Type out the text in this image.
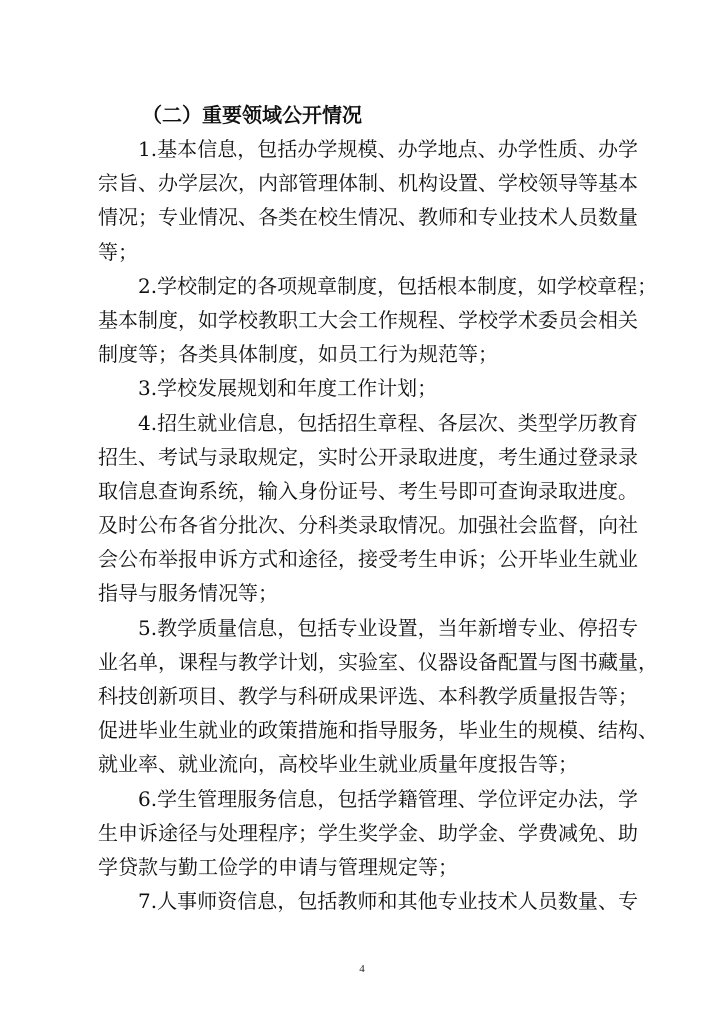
（二）重要领域公开情况

1.基本信息，包括办学规模、办学地点、办学性质、办学
宗旨、办学层次，内部管理体制、机构设置、学校领导等基本
情况；专业情况、各类在校生情况、教师和专业技术人员数量
等；
2.学校制定的各项规章制度，包括根本制度，如学校章程；
基本制度，如学校教职工大会工作规程、学校学术委员会相关
制度等；各类具体制度，如员工行为规范等；
3.学校发展规划和年度工作计划；
4.招生就业信息，包括招生章程、各层次、类型学历教育
招生、考试与录取规定，实时公开录取进度，考生通过登录录
取信息查询系统，输入身份证号、考生号即可查询录取进度。
及时公布各省分批次、分科类录取情况。加强社会监督，向社
会公布举报申诉方式和途径，接受考生申诉；公开毕业生就业
指导与服务情况等；
5.教学质量信息，包括专业设置，当年新增专业、停招专
业名单，课程与教学计划，实验室、仪器设备配置与图书藏量，
科技创新项目、教学与科研成果评选、本科教学质量报告等；
促进毕业生就业的政策措施和指导服务，毕业生的规模、结构、
就业率、就业流向，高校毕业生就业质量年度报告等；
6.学生管理服务信息，包括学籍管理、学位评定办法，学
生申诉途径与处理程序；学生奖学金、助学金、学费减免、助
学贷款与勤工俭学的申请与管理规定等；
7.人事师资信息，包括教师和其他专业技术人员数量、专
4
